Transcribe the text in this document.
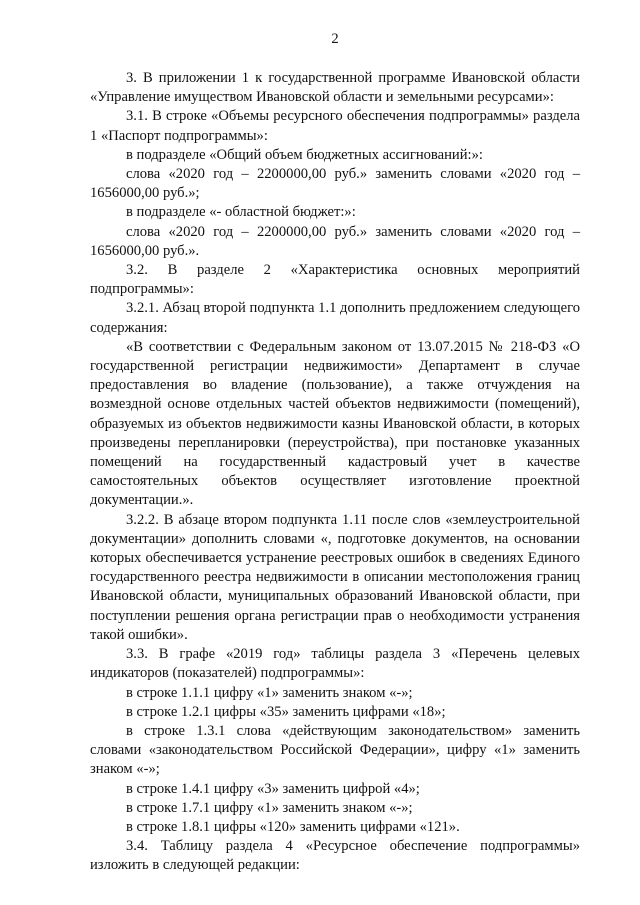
2

3. В приложении 1 к государственной программе Ивановской области «Управление имуществом Ивановской области и земельными ресурсами»:

3.1. В строке «Объемы ресурсного обеспечения подпрограммы» раздела 1 «Паспорт подпрограммы»:

в подразделе «Общий объем бюджетных ассигнований:»:

слова «2020 год – 2200000,00 руб.» заменить словами «2020 год – 1656000,00 руб.»;

в подразделе «- областной бюджет:»:

слова «2020 год – 2200000,00 руб.» заменить словами «2020 год – 1656000,00 руб.».

3.2. В разделе 2 «Характеристика основных мероприятий подпрограммы»:

3.2.1. Абзац второй подпункта 1.1 дополнить предложением следующего содержания:

«В соответствии с Федеральным законом от 13.07.2015 № 218-ФЗ «О государственной регистрации недвижимости» Департамент в случае предоставления во владение (пользование), а также отчуждения на возмездной основе отдельных частей объектов недвижимости (помещений), образуемых из объектов недвижимости казны Ивановской области, в которых произведены перепланировки (переустройства), при постановке указанных помещений на государственный кадастровый учет в качестве самостоятельных объектов осуществляет изготовление проектной документации.».

3.2.2. В абзаце втором подпункта 1.11 после слов «землеустроительной документации» дополнить словами «, подготовке документов, на основании которых обеспечивается устранение реестровых ошибок в сведениях Единого государственного реестра недвижимости в описании местоположения границ Ивановской области, муниципальных образований Ивановской области, при поступлении решения органа регистрации прав о необходимости устранения такой ошибки».

3.3. В графе «2019 год» таблицы раздела 3 «Перечень целевых индикаторов (показателей) подпрограммы»:

в строке 1.1.1 цифру «1» заменить знаком «-»;

в строке 1.2.1 цифры «35» заменить цифрами «18»;

в строке 1.3.1 слова «действующим законодательством» заменить словами «законодательством Российской Федерации», цифру «1» заменить знаком «-»;

в строке 1.4.1 цифру «3» заменить цифрой «4»;

в строке 1.7.1 цифру «1» заменить знаком «-»;

в строке 1.8.1 цифры «120» заменить цифрами «121».

3.4. Таблицу раздела 4 «Ресурсное обеспечение подпрограммы» изложить в следующей редакции:
